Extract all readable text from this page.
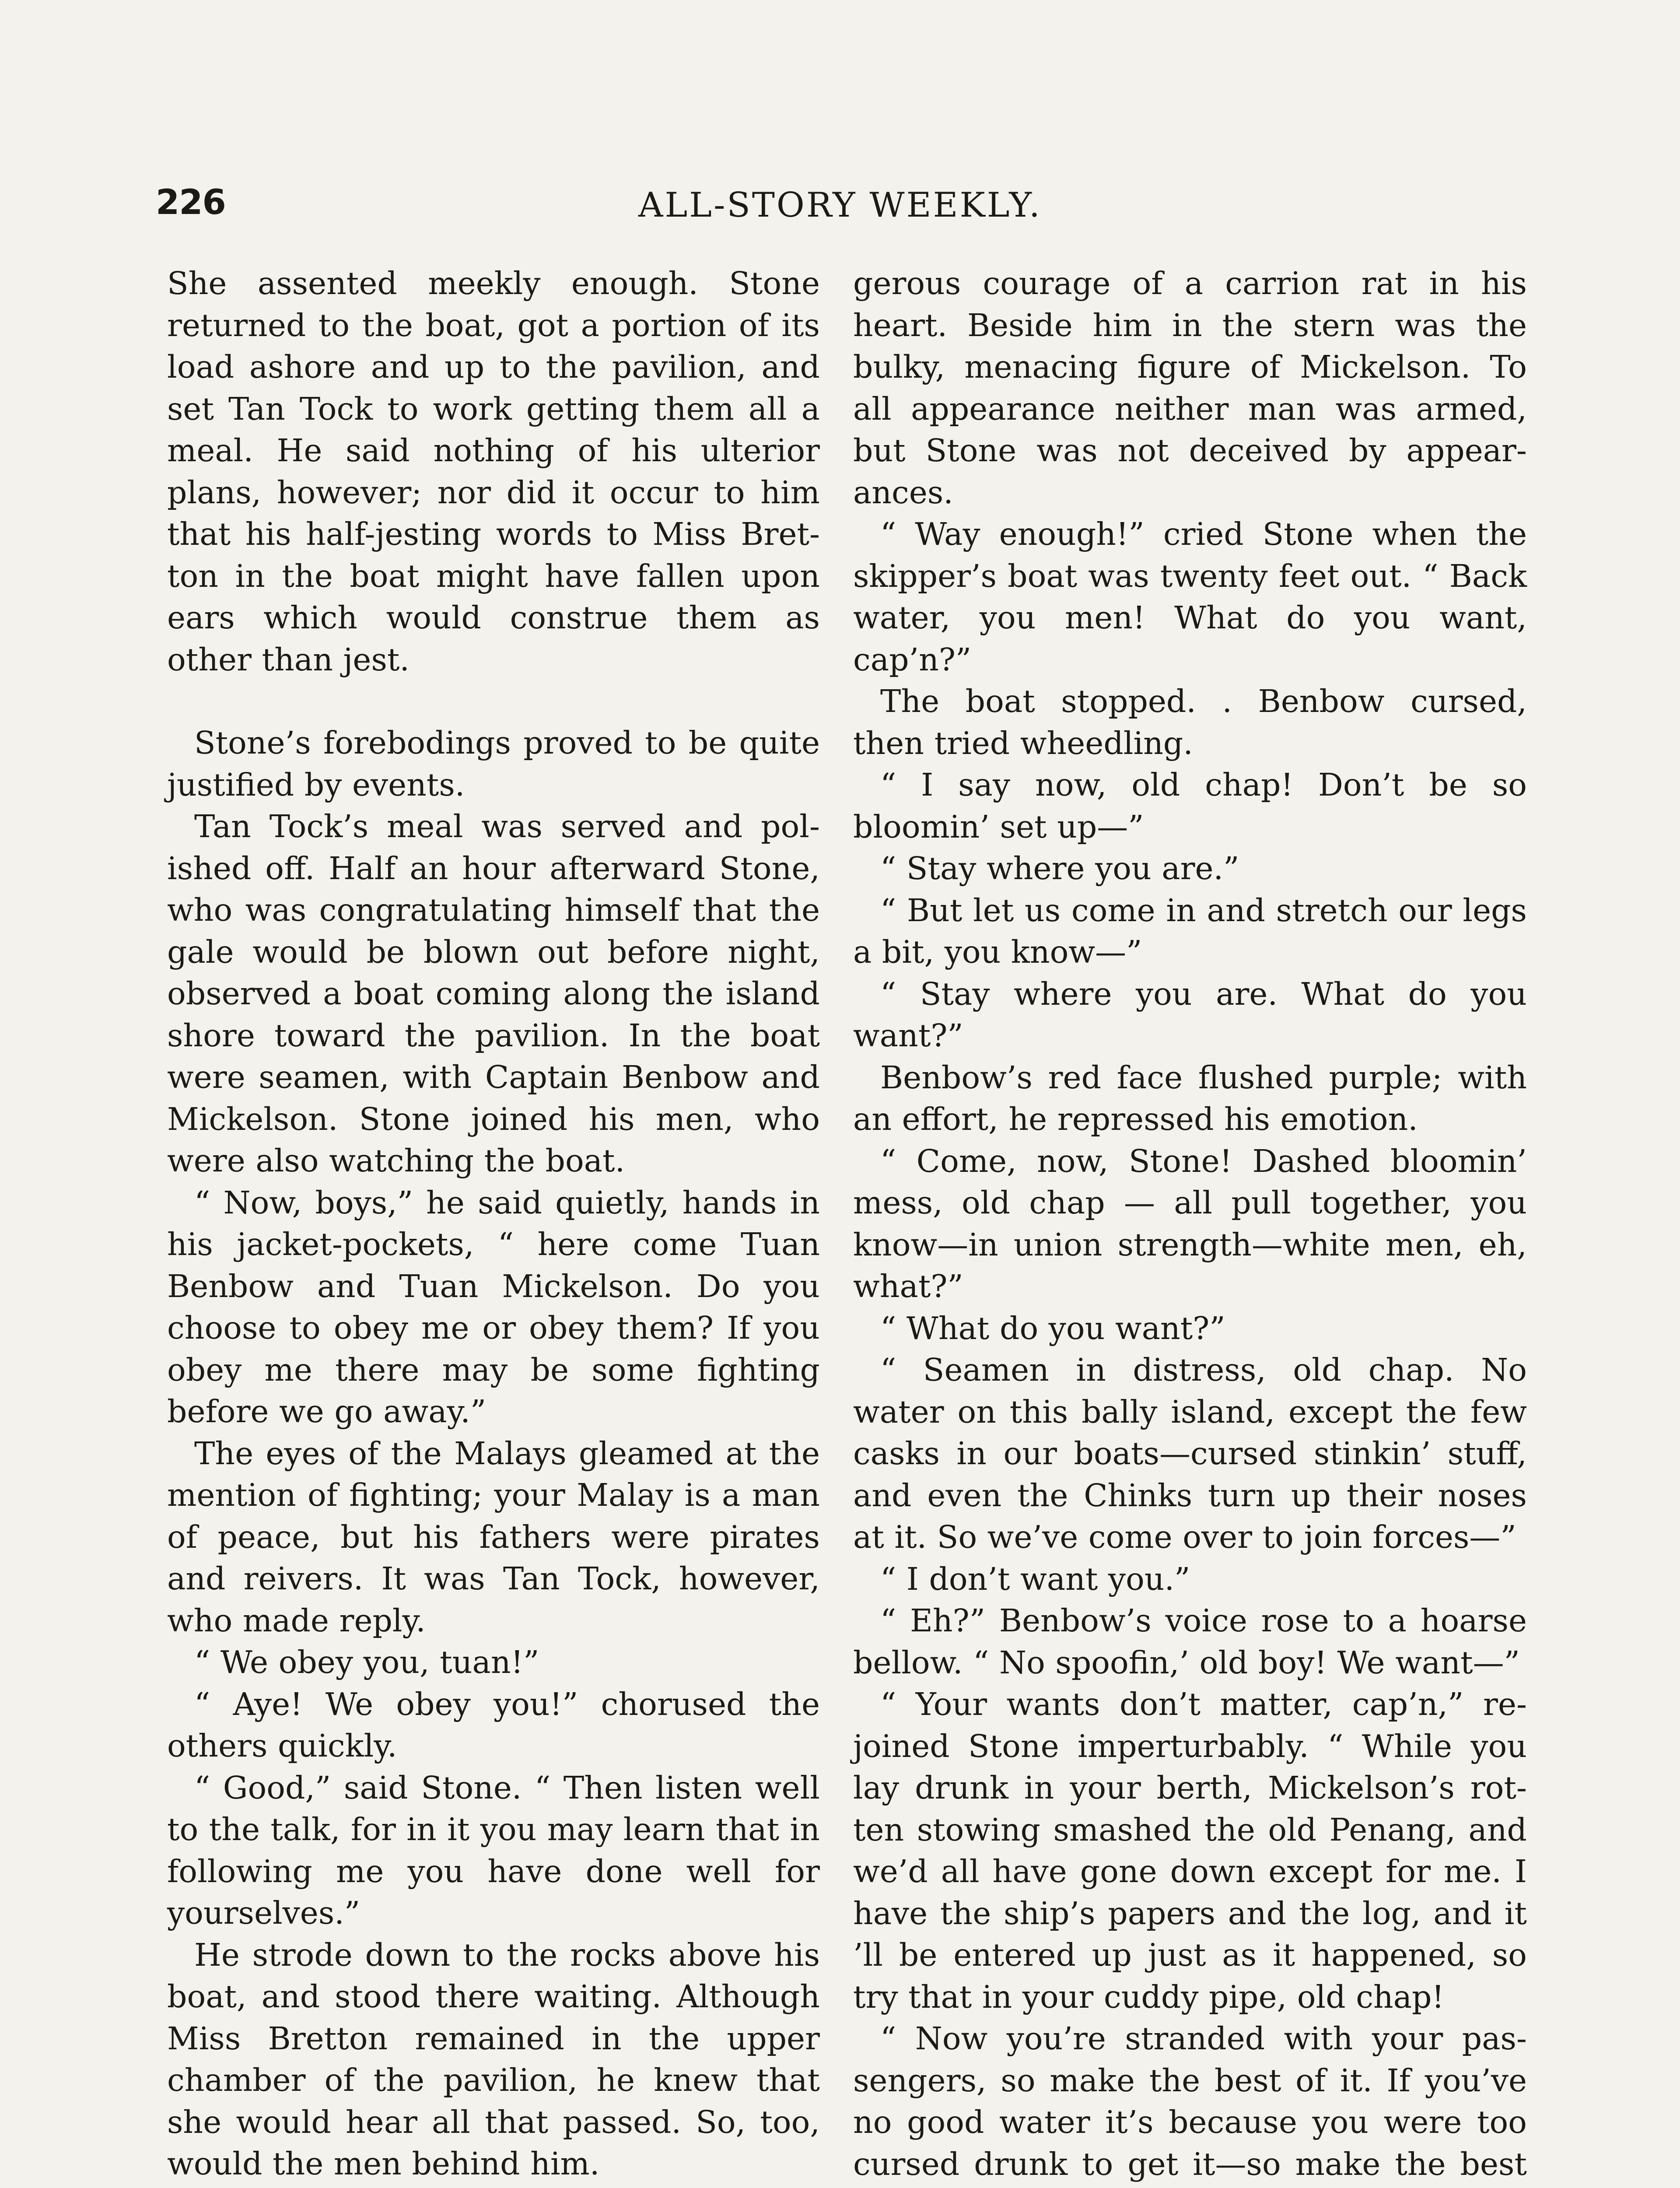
226	ALL-STORY WEEKLY.

She assented meekly enough. Stone returned to the boat, got a portion of its load ashore and up to the pavilion, and set Tan Tock to work getting them all a meal. He said nothing of his ulterior plans, however; nor did it occur to him that his half-jesting words to Miss Bretton in the boat might have fallen upon ears which would construe them as other than jest.

Stone’s forebodings proved to be quite justified by events.

Tan Tock’s meal was served and polished off. Half an hour afterward Stone, who was congratulating himself that the gale would be blown out before night, observed a boat coming along the island shore toward the pavilion. In the boat were seamen, with Captain Benbow and Mickelson. Stone joined his men, who were also watching the boat.

“ Now, boys,” he said quietly, hands in his jacket-pockets, “ here come Tuan Benbow and Tuan Mickelson. Do you choose to obey me or obey them? If you obey me there may be some fighting before we go away.”

The eyes of the Malays gleamed at the mention of fighting; your Malay is a man of peace, but his fathers were pirates and reivers. It was Tan Tock, however, who made reply.

“ We obey you, tuan!”

“ Aye! We obey you!” chorused the others quickly.

“ Good,” said Stone. “ Then listen well to the talk, for in it you may learn that in following me you have done well for yourselves.”

He strode down to the rocks above his boat, and stood there waiting. Although Miss Bretton remained in the upper chamber of the pavilion, he knew that she would hear all that passed. So, too, would the men behind him.

gerous courage of a carrion rat in his heart. Beside him in the stern was the bulky, menacing figure of Mickelson. To all appearance neither man was armed, but Stone was not deceived by appearances.

“ Way enough!” cried Stone when the skipper’s boat was twenty feet out. “ Back water, you men! What do you want, cap’n?”

The boat stopped. . Benbow cursed, then tried wheedling.

“ I say now, old chap! Don’t be so bloomin’ set up—”

“ Stay where you are.”

“ But let us come in and stretch our legs a bit, you know—”

“ Stay where you are. What do you want?”

Benbow’s red face flushed purple; with an effort, he repressed his emotion.

“ Come, now, Stone! Dashed bloomin’ mess, old chap — all pull together, you know—in union strength—white men, eh, what?”

“ What do you want?”

“ Seamen in distress, old chap. No water on this bally island, except the few casks in our boats—cursed stinkin’ stuff, and even the Chinks turn up their noses at it. So we’ve come over to join forces—”

“ I don’t want you.”

“ Eh?” Benbow’s voice rose to a hoarse bellow. “ No spoofin,’ old boy! We want—”

“ Your wants don’t matter, cap’n,” rejoined Stone imperturbably. “ While you lay drunk in your berth, Mickelson’s rotten stowing smashed the old Penang, and we’d all have gone down except for me. I have the ship’s papers and the log, and it ’ll be entered up just as it happened, so try that in your cuddy pipe, old chap!

“ Now you’re stranded with your passengers, so make the best of it. If you’ve no good water it’s because you were too cursed drunk to get it—so make the best
